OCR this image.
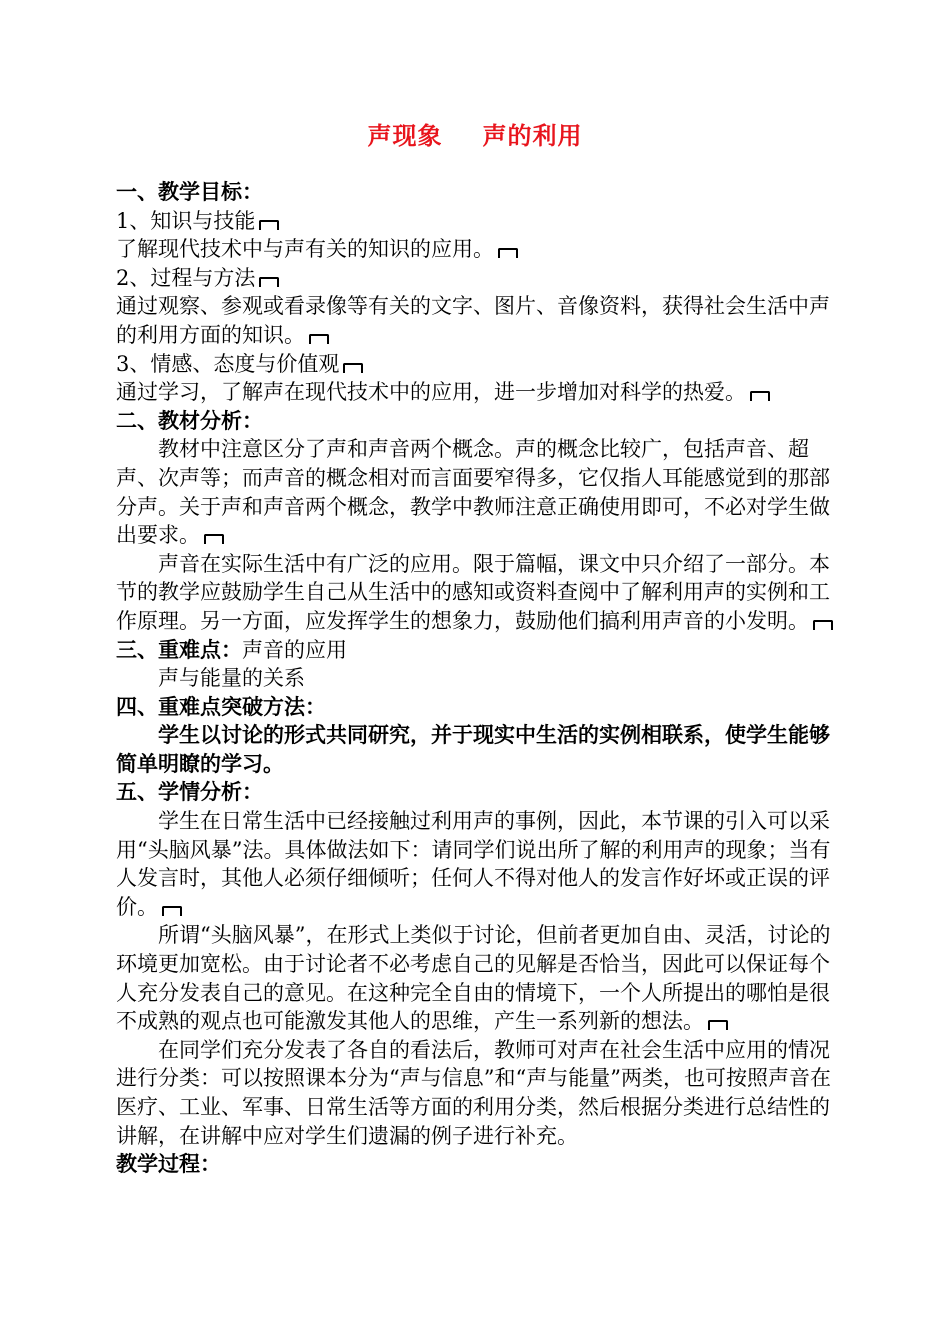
声现象 声的利用

一、教学目标：

1、知识与技能

了解现代技术中与声有关的知识的应用。

2、过程与方法

通过观察、参观或看录像等有关的文字、图片、音像资料，获得社会生活中声的利用方面的知识。

3、情感、态度与价值观

通过学习，了解声在现代技术中的应用，进一步增加对科学的热爱。

二、教材分析：

教材中注意区分了声和声音两个概念。声的概念比较广，包括声音、超声、次声等；而声音的概念相对而言面要窄得多，它仅指人耳能感觉到的那部分声。关于声和声音两个概念，教学中教师注意正确使用即可，不必对学生做出要求。

声音在实际生活中有广泛的应用。限于篇幅，课文中只介绍了一部分。本节的教学应鼓励学生自己从生活中的感知或资料查阅中了解利用声的实例和工作原理。另一方面，应发挥学生的想象力，鼓励他们搞利用声音的小发明。

三、重难点：声音的应用

声与能量的关系

四、重难点突破方法：

学生以讨论的形式共同研究，并于现实中生活的实例相联系，使学生能够简单明瞭的学习。

五、学情分析：

学生在日常生活中已经接触过利用声的事例，因此，本节课的引入可以采用“头脑风暴”法。具体做法如下：请同学们说出所了解的利用声的现象；当有人发言时，其他人必须仔细倾听；任何人不得对他人的发言作好坏或正误的评价。

所谓“头脑风暴”，在形式上类似于讨论，但前者更加自由、灵活，讨论的环境更加宽松。由于讨论者不必考虑自己的见解是否恰当，因此可以保证每个人充分发表自己的意见。在这种完全自由的情境下，一个人所提出的哪怕是很不成熟的观点也可能激发其他人的思维，产生一系列新的想法。

在同学们充分发表了各自的看法后，教师可对声在社会生活中应用的情况进行分类：可以按照课本分为“声与信息”和“声与能量”两类，也可按照声音在医疗、工业、军事、日常生活等方面的利用分类，然后根据分类进行总结性的讲解，在讲解中应对学生们遗漏的例子进行补充。

教学过程：
